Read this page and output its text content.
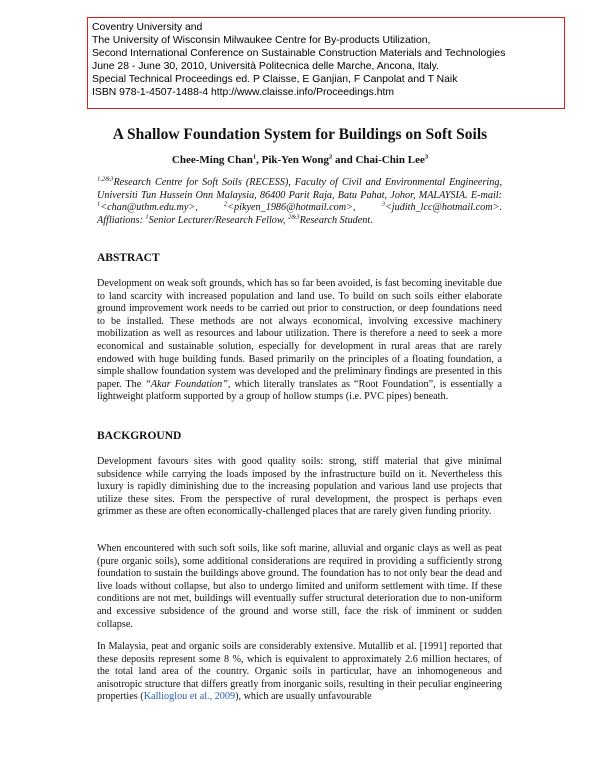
Coventry University and
The University of Wisconsin Milwaukee Centre for By-products Utilization,
Second International Conference on Sustainable Construction Materials and Technologies
June 28 - June 30, 2010, Università Politecnica delle Marche, Ancona, Italy.
Special Technical Proceedings ed. P Claisse, E Ganjian, F Canpolat and T Naik
ISBN 978-1-4507-1488-4 http://www.claisse.info/Proceedings.htm
A Shallow Foundation System for Buildings on Soft Soils
Chee-Ming Chan$^1$, Pik-Yen Wong$^2$ and Chai-Chin Lee$^3$
$^{1,2\&3}$Research Centre for Soft Soils (RECESS), Faculty of Civil and Environmental Engineering, Universiti Tun Hussein Onn Malaysia, 86400 Parit Raja, Batu Pahat, Johor, MALAYSIA. E-mail: $^1$<chan@uthm.edu.my>, $^2$<pikyen_1986@hotmail.com>, $^3$<judith_lcc@hotmail.com>. Affliations: $^1$Senior Lecturer/Research Fellow, $^{2\&3}$Research Student.
ABSTRACT
Development on weak soft grounds, which has so far been avoided, is fast becoming inevitable due to land scarcity with increased population and land use. To build on such soils either elaborate ground improvement work needs to be carried out prior to construction, or deep foundations need to be installed. These methods are not always economical, involving excessive machinery mobilization as well as resources and labour utilization. There is therefore a need to seek a more economical and sustainable solution, especially for development in rural areas that are rarely endowed with huge building funds. Based primarily on the principles of a floating foundation, a simple shallow foundation system was developed and the preliminary findings are presented in this paper. The “Akar Foundation”, which literally translates as “Root Foundation”, is essentially a lightweight platform supported by a group of hollow stumps (i.e. PVC pipes) beneath.
BACKGROUND
Development favours sites with good quality soils: strong, stiff material that give minimal subsidence while carrying the loads imposed by the infrastructure build on it. Nevertheless this luxury is rapidly diminishing due to the increasing population and various land use projects that utilize these sites. From the perspective of rural development, the prospect is perhaps even grimmer as these are often economically-challenged places that are rarely given funding priority.
When encountered with such soft soils, like soft marine, alluvial and organic clays as well as peat (pure organic soils), some additional considerations are required in providing a sufficiently strong foundation to sustain the buildings above ground. The foundation has to not only bear the dead and live loads without collapse, but also to undergo limited and uniform settlement with time. If these conditions are not met, buildings will eventually suffer structural deterioration due to non-uniform and excessive subsidence of the ground and worse still, face the risk of imminent or sudden collapse.
In Malaysia, peat and organic soils are considerably extensive. Mutallib et al. [1991] reported that these deposits represent some 8 %, which is equivalent to approximately 2.6 million hectares, of the total land area of the country. Organic soils in particular, have an inhomogeneous and anisotropic structure that differs greatly from inorganic soils, resulting in their peculiar engineering properties (Kallioglou et al., 2009), which are usually unfavourable
